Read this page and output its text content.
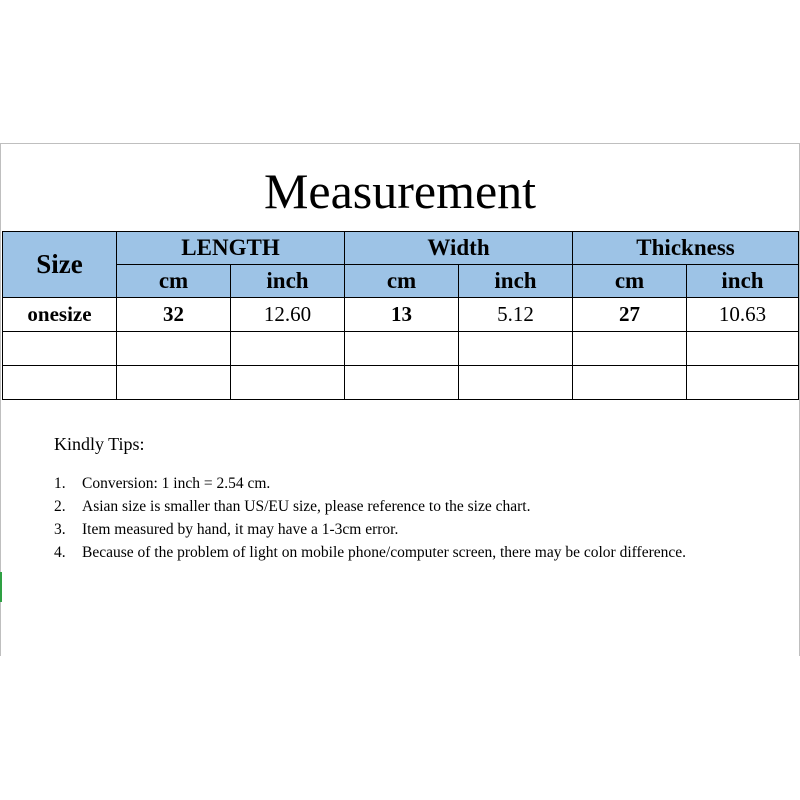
Measurement
Size	LENGTH		Width		Thickness	
	cm	inch	cm	inch	cm	inch
onesize	32	12.60	13	5.12	27	10.63

Kindly Tips:
1. Conversion: 1 inch = 2.54 cm.
2. Asian size is smaller than US/EU size, please reference to the size chart.
3. Item measured by hand, it may have a 1-3cm error.
4. Because of the problem of light on mobile phone/computer screen, there may be color difference.
